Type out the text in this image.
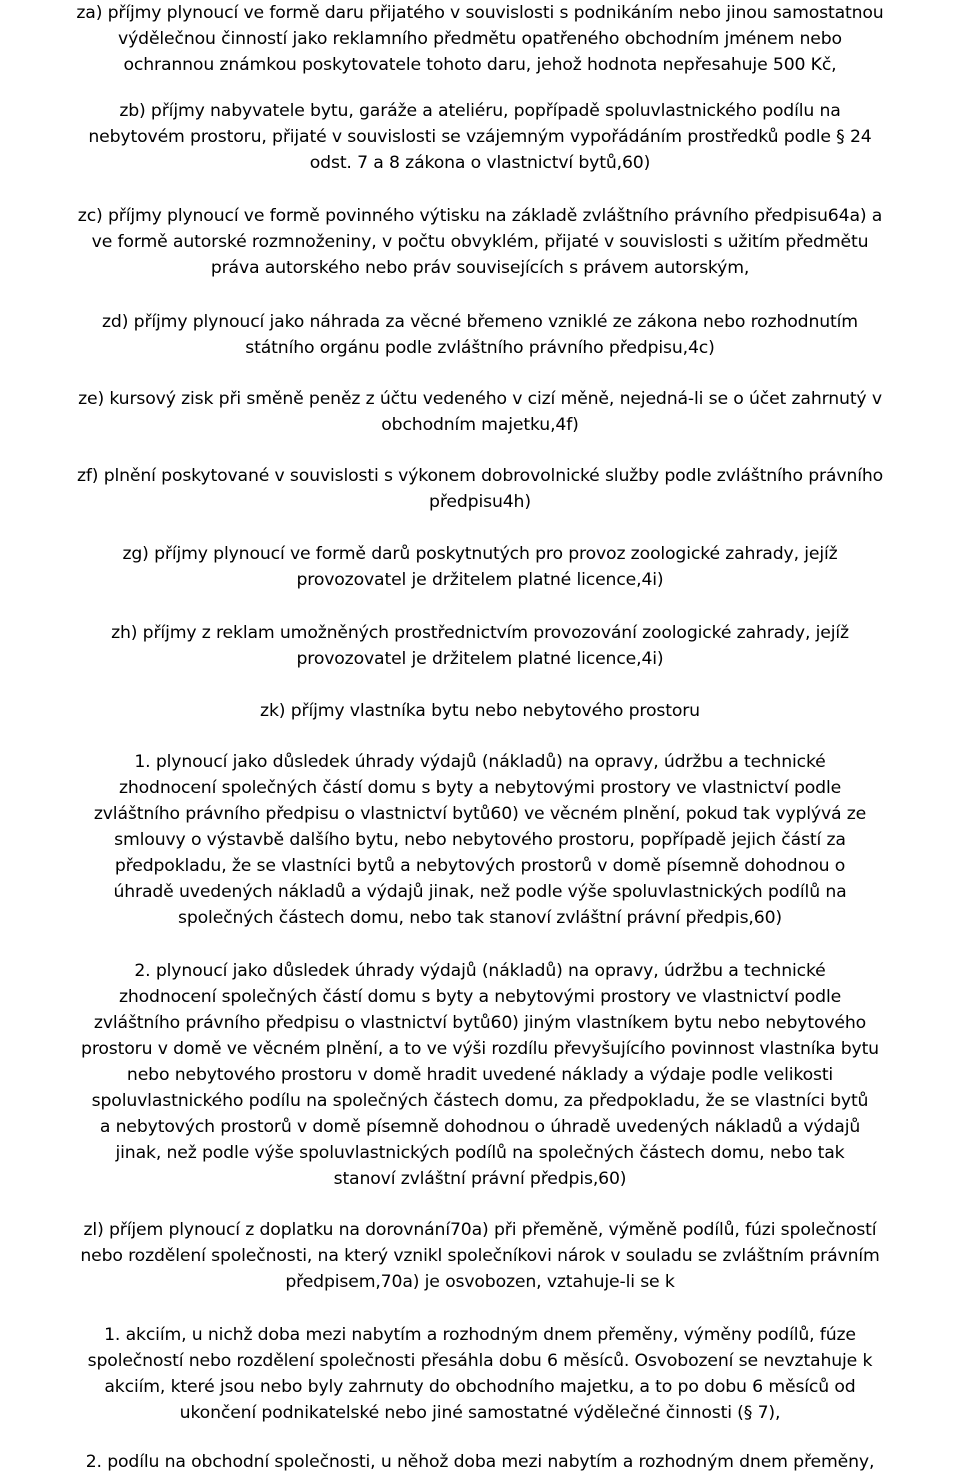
za) příjmy plynoucí ve formě daru přijatého v souvislosti s podnikáním nebo jinou samostatnou
výdělečnou činností jako reklamního předmětu opatřeného obchodním jménem nebo
ochrannou známkou poskytovatele tohoto daru, jehož hodnota nepřesahuje 500 Kč,
zb) příjmy nabyvatele bytu, garáže a ateliéru, popřípadě spoluvlastnického podílu na
nebytovém prostoru, přijaté v souvislosti se vzájemným vypořádáním prostředků podle § 24
odst. 7 a 8 zákona o vlastnictví bytů,60)
zc) příjmy plynoucí ve formě povinného výtisku na základě zvláštního právního předpisu64a) a
ve formě autorské rozmnoženiny, v počtu obvyklém, přijaté v souvislosti s užitím předmětu
práva autorského nebo práv souvisejících s právem autorským,
zd) příjmy plynoucí jako náhrada za věcné břemeno vzniklé ze zákona nebo rozhodnutím
státního orgánu podle zvláštního právního předpisu,4c)
ze) kursový zisk při směně peněz z účtu vedeného v cizí měně, nejedná-li se o účet zahrnutý v
obchodním majetku,4f)
zf) plnění poskytované v souvislosti s výkonem dobrovolnické služby podle zvláštního právního
předpisu4h)
zg) příjmy plynoucí ve formě darů poskytnutých pro provoz zoologické zahrady, jejíž
provozovatel je držitelem platné licence,4i)
zh) příjmy z reklam umožněných prostřednictvím provozování zoologické zahrady, jejíž
provozovatel je držitelem platné licence,4i)
zk) příjmy vlastníka bytu nebo nebytového prostoru
1. plynoucí jako důsledek úhrady výdajů (nákladů) na opravy, údržbu a technické
zhodnocení společných částí domu s byty a nebytovými prostory ve vlastnictví podle
zvláštního právního předpisu o vlastnictví bytů60) ve věcném plnění, pokud tak vyplývá ze
smlouvy o výstavbě dalšího bytu, nebo nebytového prostoru, popřípadě jejich částí za
předpokladu, že se vlastníci bytů a nebytových prostorů v domě písemně dohodnou o
úhradě uvedených nákladů a výdajů jinak, než podle výše spoluvlastnických podílů na
společných částech domu, nebo tak stanoví zvláštní právní předpis,60)
2. plynoucí jako důsledek úhrady výdajů (nákladů) na opravy, údržbu a technické
zhodnocení společných částí domu s byty a nebytovými prostory ve vlastnictví podle
zvláštního právního předpisu o vlastnictví bytů60) jiným vlastníkem bytu nebo nebytového
prostoru v domě ve věcném plnění, a to ve výši rozdílu převyšujícího povinnost vlastníka bytu
nebo nebytového prostoru v domě hradit uvedené náklady a výdaje podle velikosti
spoluvlastnického podílu na společných částech domu, za předpokladu, že se vlastníci bytů
a nebytových prostorů v domě písemně dohodnou o úhradě uvedených nákladů a výdajů
jinak, než podle výše spoluvlastnických podílů na společných částech domu, nebo tak
stanoví zvláštní právní předpis,60)
zl) příjem plynoucí z doplatku na dorovnání70a) při přeměně, výměně podílů, fúzi společností
nebo rozdělení společnosti, na který vznikl společníkovi nárok v souladu se zvláštním právním
předpisem,70a) je osvobozen, vztahuje-li se k
1. akciím, u nichž doba mezi nabytím a rozhodným dnem přeměny, výměny podílů, fúze
společností nebo rozdělení společnosti přesáhla dobu 6 měsíců. Osvobození se nevztahuje k
akciím, které jsou nebo byly zahrnuty do obchodního majetku, a to po dobu 6 měsíců od
ukončení podnikatelské nebo jiné samostatné výdělečné činnosti (§ 7),
2. podílu na obchodní společnosti, u něhož doba mezi nabytím a rozhodným dnem přeměny,
